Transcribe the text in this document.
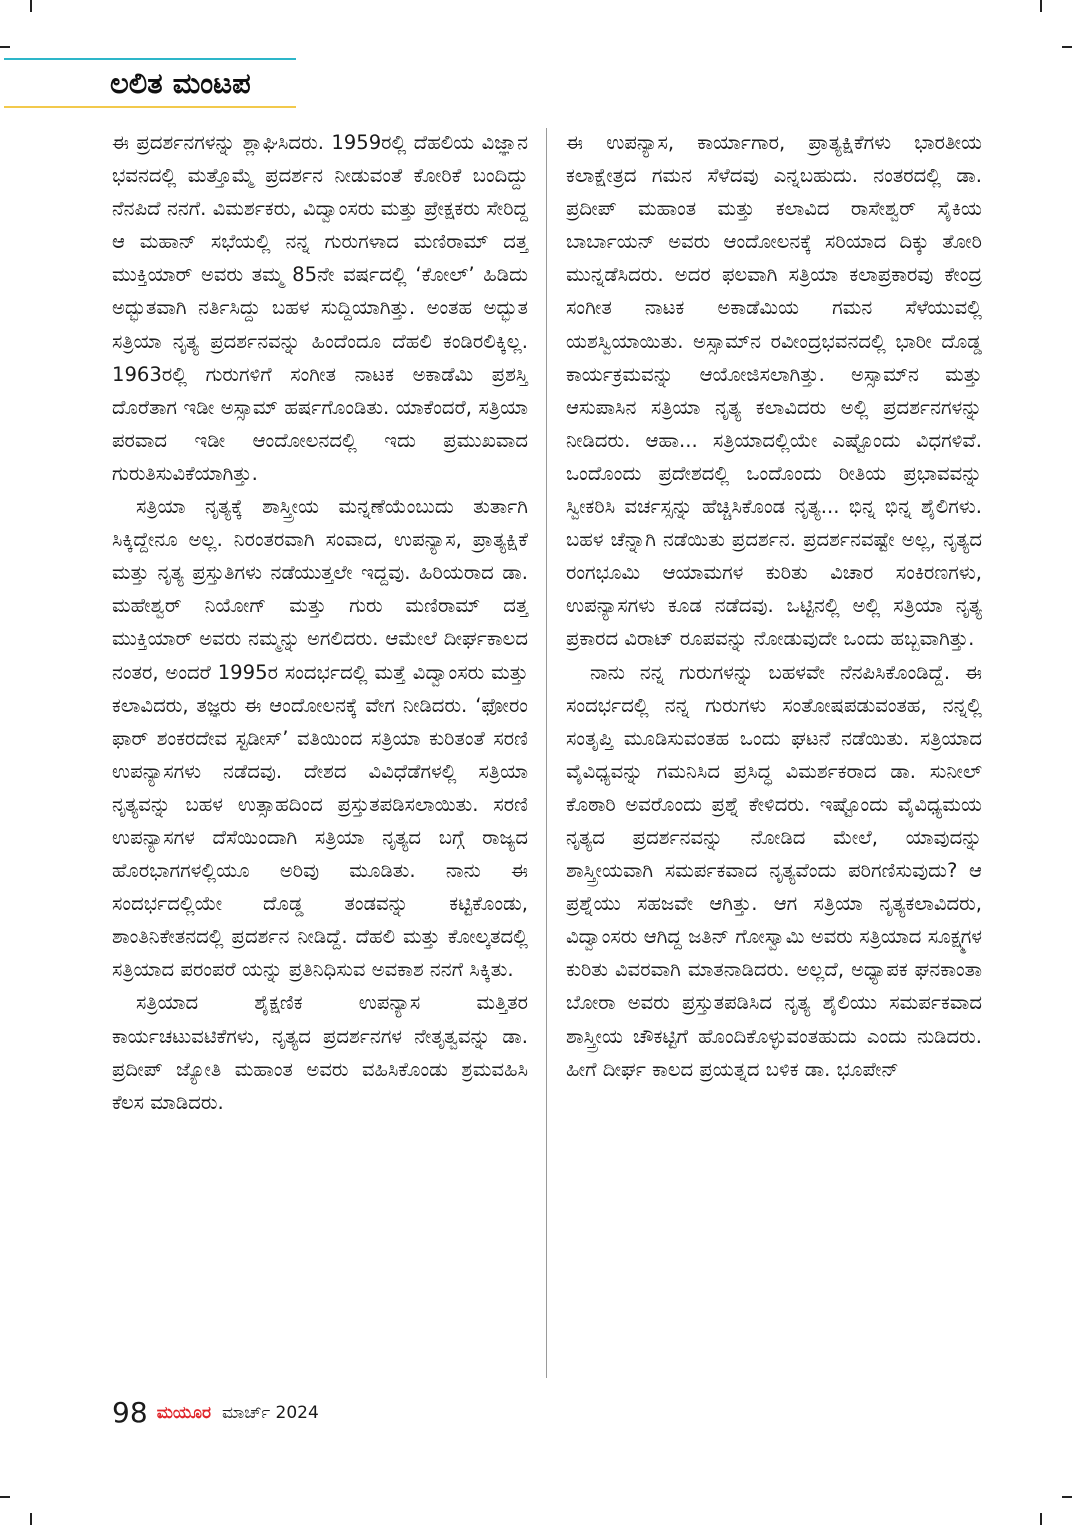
ಲಲಿತ ಮಂಟಪ

ಈ ಪ್ರದರ್ಶನಗಳನ್ನು ಶ್ಲಾಘಿಸಿದರು. 1959ರಲ್ಲಿ ದೆಹಲಿಯ ವಿಜ್ಞಾನ ಭವನದಲ್ಲಿ ಮತ್ತೊಮ್ಮೆ ಪ್ರದರ್ಶನ ನೀಡುವಂತೆ ಕೋರಿಕೆ ಬಂದಿದ್ದು ನೆನಪಿದೆ ನನಗೆ. ವಿಮರ್ಶಕರು, ವಿದ್ವಾಂಸರು ಮತ್ತು ಪ್ರೇಕ್ಷಕರು ಸೇರಿದ್ದ ಆ ಮಹಾನ್ ಸಭೆಯಲ್ಲಿ ನನ್ನ ಗುರುಗಳಾದ ಮಣಿರಾಮ್ ದತ್ತ ಮುಕ್ತಿಯಾರ್ ಅವರು ತಮ್ಮ 85ನೇ ವರ್ಷದಲ್ಲಿ ‘ಕೋಲ್’ ಹಿಡಿದು ಅದ್ಭುತವಾಗಿ ನರ್ತಿಸಿದ್ದು ಬಹಳ ಸುದ್ದಿಯಾಗಿತ್ತು. ಅಂತಹ ಅದ್ಭುತ ಸತ್ರಿಯಾ ನೃತ್ಯ ಪ್ರದರ್ಶನವನ್ನು ಹಿಂದೆಂದೂ ದೆಹಲಿ ಕಂಡಿರಲಿಕ್ಕಿಲ್ಲ. 1963ರಲ್ಲಿ ಗುರುಗಳಿಗೆ ಸಂಗೀತ ನಾಟಕ ಅಕಾಡೆಮಿ ಪ್ರಶಸ್ತಿ ದೊರೆತಾಗ ಇಡೀ ಅಸ್ಸಾಮ್ ಹರ್ಷಗೊಂಡಿತು. ಯಾಕೆಂದರೆ, ಸತ್ರಿಯಾ ಪರವಾದ ಇಡೀ ಆಂದೋಲನದಲ್ಲಿ ಇದು ಪ್ರಮುಖವಾದ ಗುರುತಿಸುವಿಕೆಯಾಗಿತ್ತು.

ಸತ್ರಿಯಾ ನೃತ್ಯಕ್ಕೆ ಶಾಸ್ತ್ರೀಯ ಮನ್ನಣೆಯೆಂಬುದು ತುರ್ತಾಗಿ ಸಿಕ್ಕಿದ್ದೇನೂ ಅಲ್ಲ. ನಿರಂತರವಾಗಿ ಸಂವಾದ, ಉಪನ್ಯಾಸ, ಪ್ರಾತ್ಯಕ್ಷಿಕೆ ಮತ್ತು ನೃತ್ಯ ಪ್ರಸ್ತುತಿಗಳು ನಡೆಯುತ್ತಲೇ ಇದ್ದವು. ಹಿರಿಯರಾದ ಡಾ. ಮಹೇಶ್ವರ್ ನಿಯೋಗ್ ಮತ್ತು ಗುರು ಮಣಿರಾಮ್ ದತ್ತ ಮುಕ್ತಿಯಾರ್ ಅವರು ನಮ್ಮನ್ನು ಅಗಲಿದರು. ಆಮೇಲೆ ದೀರ್ಘಕಾಲದ ನಂತರ, ಅಂದರೆ 1995ರ ಸಂದರ್ಭದಲ್ಲಿ ಮತ್ತೆ ವಿದ್ವಾಂಸರು ಮತ್ತು ಕಲಾವಿದರು, ತಜ್ಞರು ಈ ಆಂದೋಲನಕ್ಕೆ ವೇಗ ನೀಡಿದರು. ‘ಫೋರಂ ಫಾರ್ ಶಂಕರದೇವ ಸ್ಟಡೀಸ್’ ವತಿಯಿಂದ ಸತ್ರಿಯಾ ಕುರಿತಂತೆ ಸರಣಿ ಉಪನ್ಯಾಸಗಳು ನಡೆದವು. ದೇಶದ ವಿವಿಧೆಡೆಗಳಲ್ಲಿ ಸತ್ರಿಯಾ ನೃತ್ಯವನ್ನು ಬಹಳ ಉತ್ಸಾಹದಿಂದ ಪ್ರಸ್ತುತಪಡಿಸಲಾಯಿತು. ಸರಣಿ ಉಪನ್ಯಾಸಗಳ ದೆಸೆಯಿಂದಾಗಿ ಸತ್ರಿಯಾ ನೃತ್ಯದ ಬಗ್ಗೆ ರಾಜ್ಯದ ಹೊರಭಾಗಗಳಲ್ಲಿಯೂ ಅರಿವು ಮೂಡಿತು. ನಾನು ಈ ಸಂದರ್ಭದಲ್ಲಿಯೇ ದೊಡ್ಡ ತಂಡವನ್ನು ಕಟ್ಟಿಕೊಂಡು, ಶಾಂತಿನಿಕೇತನದಲ್ಲಿ ಪ್ರದರ್ಶನ ನೀಡಿದ್ದೆ. ದೆಹಲಿ ಮತ್ತು ಕೋಲ್ಕತದಲ್ಲಿ ಸತ್ರಿಯಾದ ಪರಂಪರೆ ಯನ್ನು ಪ್ರತಿನಿಧಿಸುವ ಅವಕಾಶ ನನಗೆ ಸಿಕ್ಕಿತು.

ಸತ್ರಿಯಾದ ಶೈಕ್ಷಣಿಕ ಉಪನ್ಯಾಸ ಮತ್ತಿತರ ಕಾರ್ಯಚಟುವಟಿಕೆಗಳು, ನೃತ್ಯದ ಪ್ರದರ್ಶನಗಳ ನೇತೃತ್ವವನ್ನು ಡಾ. ಪ್ರದೀಪ್ ಜ್ಯೋತಿ ಮಹಾಂತ ಅವರು ವಹಿಸಿಕೊಂಡು ಶ್ರಮವಹಿಸಿ ಕೆಲಸ ಮಾಡಿದರು.

ಈ ಉಪನ್ಯಾಸ, ಕಾರ್ಯಾಗಾರ, ಪ್ರಾತ್ಯಕ್ಷಿಕೆಗಳು ಭಾರತೀಯ ಕಲಾಕ್ಷೇತ್ರದ ಗಮನ ಸೆಳೆದವು ಎನ್ನಬಹುದು. ನಂತರದಲ್ಲಿ ಡಾ. ಪ್ರದೀಪ್ ಮಹಾಂತ ಮತ್ತು ಕಲಾವಿದ ರಾಸೇಶ್ವರ್ ಸೈಕಿಯ ಬಾರ್ಬಾಯನ್ ಅವರು ಆಂದೋಲನಕ್ಕೆ ಸರಿಯಾದ ದಿಕ್ಕು ತೋರಿ ಮುನ್ನಡೆಸಿದರು. ಅದರ ಫಲವಾಗಿ ಸತ್ರಿಯಾ ಕಲಾಪ್ರಕಾರವು ಕೇಂದ್ರ ಸಂಗೀತ ನಾಟಕ ಅಕಾಡೆಮಿಯ ಗಮನ ಸೆಳೆಯುವಲ್ಲಿ ಯಶಸ್ವಿಯಾಯಿತು. ಅಸ್ಸಾಮ್‌ನ ರವೀಂದ್ರಭವನದಲ್ಲಿ ಭಾರೀ ದೊಡ್ಡ ಕಾರ್ಯಕ್ರಮವನ್ನು ಆಯೋಜಿಸಲಾಗಿತ್ತು. ಅಸ್ಸಾಮ್‌ನ ಮತ್ತು ಆಸುಪಾಸಿನ ಸತ್ರಿಯಾ ನೃತ್ಯ ಕಲಾವಿದರು ಅಲ್ಲಿ ಪ್ರದರ್ಶನಗಳನ್ನು ನೀಡಿದರು. ಆಹಾ... ಸತ್ರಿಯಾದಲ್ಲಿಯೇ ಎಷ್ಟೊಂದು ವಿಧಗಳಿವೆ. ಒಂದೊಂದು ಪ್ರದೇಶದಲ್ಲಿ ಒಂದೊಂದು ರೀತಿಯ ಪ್ರಭಾವವನ್ನು ಸ್ವೀಕರಿಸಿ ವರ್ಚಸ್ಸನ್ನು ಹೆಚ್ಚಿಸಿಕೊಂಡ ನೃತ್ಯ... ಭಿನ್ನ ಭಿನ್ನ ಶೈಲಿಗಳು. ಬಹಳ ಚೆನ್ನಾಗಿ ನಡೆಯಿತು ಪ್ರದರ್ಶನ. ಪ್ರದರ್ಶನವಷ್ಟೇ ಅಲ್ಲ, ನೃತ್ಯದ ರಂಗಭೂಮಿ ಆಯಾಮಗಳ ಕುರಿತು ವಿಚಾರ ಸಂಕಿರಣಗಳು, ಉಪನ್ಯಾಸಗಳು ಕೂಡ ನಡೆದವು. ಒಟ್ಟಿನಲ್ಲಿ ಅಲ್ಲಿ ಸತ್ರಿಯಾ ನೃತ್ಯ ಪ್ರಕಾರದ ವಿರಾಟ್ ರೂಪವನ್ನು ನೋಡುವುದೇ ಒಂದು ಹಬ್ಬವಾಗಿತ್ತು.

ನಾನು ನನ್ನ ಗುರುಗಳನ್ನು ಬಹಳವೇ ನೆನಪಿಸಿಕೊಂಡಿದ್ದೆ. ಈ ಸಂದರ್ಭದಲ್ಲಿ ನನ್ನ ಗುರುಗಳು ಸಂತೋಷಪಡುವಂತಹ, ನನ್ನಲ್ಲಿ ಸಂತೃಪ್ತಿ ಮೂಡಿಸುವಂತಹ ಒಂದು ಘಟನೆ ನಡೆಯಿತು. ಸತ್ರಿಯಾದ ವೈವಿಧ್ಯವನ್ನು ಗಮನಿಸಿದ ಪ್ರಸಿದ್ಧ ವಿಮರ್ಶಕರಾದ ಡಾ. ಸುನೀಲ್ ಕೊಠಾರಿ ಅವರೊಂದು ಪ್ರಶ್ನೆ ಕೇಳಿದರು. ಇಷ್ಟೊಂದು ವೈವಿಧ್ಯಮಯ ನೃತ್ಯದ ಪ್ರದರ್ಶನವನ್ನು ನೋಡಿದ ಮೇಲೆ, ಯಾವುದನ್ನು ಶಾಸ್ತ್ರೀಯವಾಗಿ ಸಮರ್ಪಕವಾದ ನೃತ್ಯವೆಂದು ಪರಿಗಣಿಸುವುದು? ಆ ಪ್ರಶ್ನೆಯು ಸಹಜವೇ ಆಗಿತ್ತು. ಆಗ ಸತ್ರಿಯಾ ನೃತ್ಯಕಲಾವಿದರು, ವಿದ್ವಾಂಸರು ಆಗಿದ್ದ ಜತಿನ್ ಗೋಸ್ವಾಮಿ ಅವರು ಸತ್ರಿಯಾದ ಸೂಕ್ಷ್ಮಗಳ ಕುರಿತು ವಿವರವಾಗಿ ಮಾತನಾಡಿದರು. ಅಲ್ಲದೆ, ಅಧ್ಯಾಪಕ ಘನಕಾಂತಾ ಬೋರಾ ಅವರು ಪ್ರಸ್ತುತಪಡಿಸಿದ ನೃತ್ಯ ಶೈಲಿಯು ಸಮರ್ಪಕವಾದ ಶಾಸ್ತ್ರೀಯ ಚೌಕಟ್ಟಿಗೆ ಹೊಂದಿಕೊಳ್ಳುವಂತಹುದು ಎಂದು ನುಡಿದರು. ಹೀಗೆ ದೀರ್ಘ ಕಾಲದ ಪ್ರಯತ್ನದ ಬಳಿಕ ಡಾ. ಭೂಪೇನ್

98 ಮಯೂರ ಮಾರ್ಚ್ 2024
